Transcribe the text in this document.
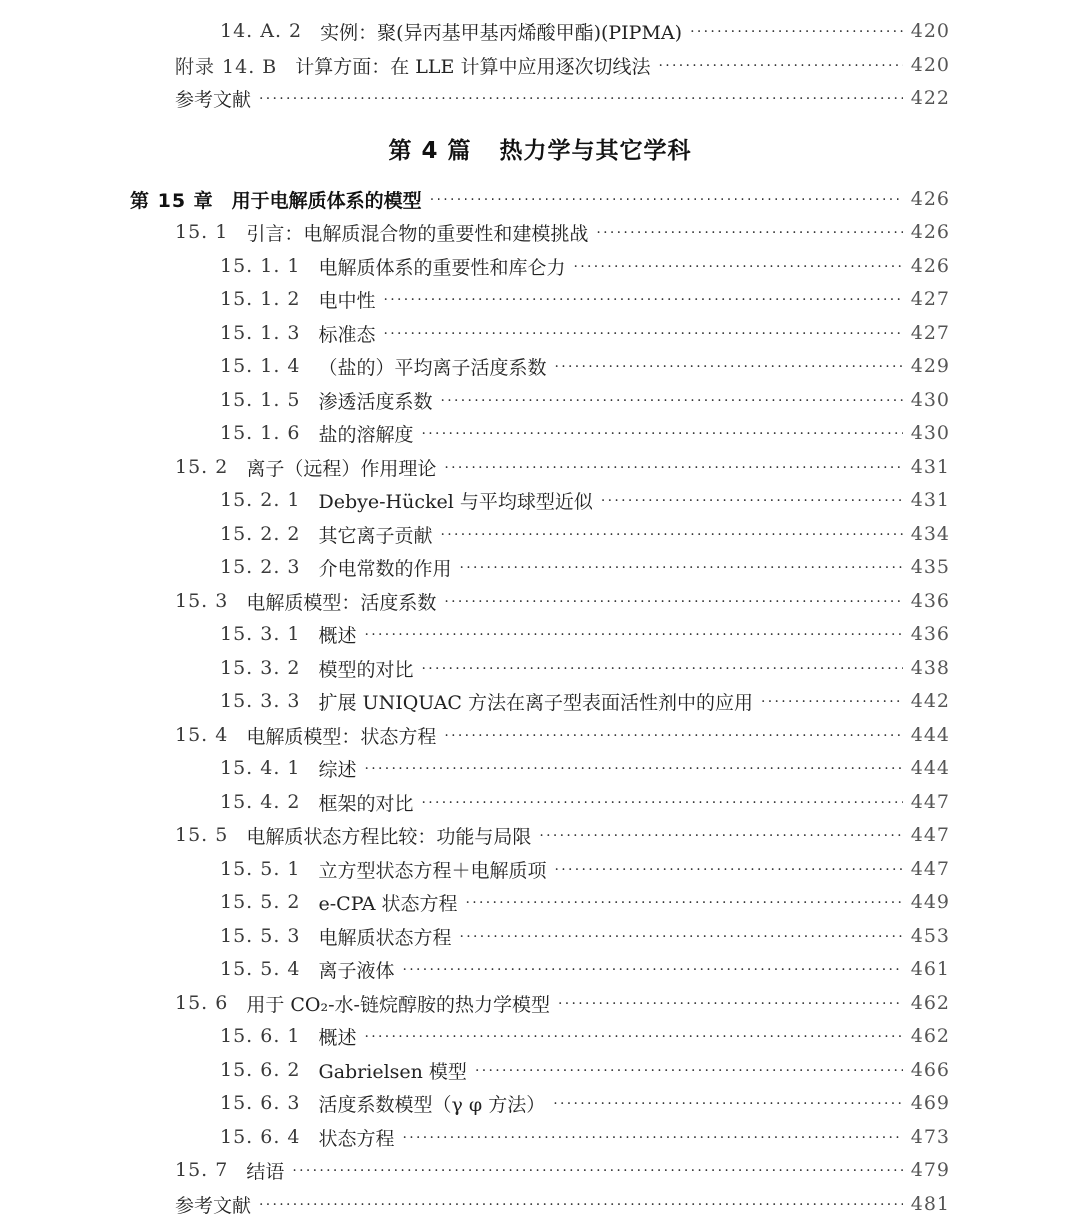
第 4 篇 热力学与其它学科
14. A. 2 实例：聚(异丙基甲基丙烯酸甲酯)(PIPMA) ·····	420
附录 14. B 计算方面：在 LLE 计算中应用逐次切线法 ·····	420
参考文献 ·····	422
第 15 章 用于电解质体系的模型 ·····	426
15. 1 引言：电解质混合物的重要性和建模挑战 ·····	426
15. 1. 1 电解质体系的重要性和库仑力 ·····	426
15. 1. 2 电中性 ·····	427
15. 1. 3 标准态 ·····	427
15. 1. 4 （盐的）平均离子活度系数 ·····	429
15. 1. 5 渗透活度系数 ·····	430
15. 1. 6 盐的溶解度 ·····	430
15. 2 离子（远程）作用理论 ·····	431
15. 2. 1 Debye-Hückel 与平均球型近似 ·····	431
15. 2. 2 其它离子贡献 ·····	434
15. 2. 3 介电常数的作用 ·····	435
15. 3 电解质模型：活度系数 ·····	436
15. 3. 1 概述 ·····	436
15. 3. 2 模型的对比 ·····	438
15. 3. 3 扩展 UNIQUAC 方法在离子型表面活性剂中的应用 ·····	442
15. 4 电解质模型：状态方程 ·····	444
15. 4. 1 综述 ·····	444
15. 4. 2 框架的对比 ·····	447
15. 5 电解质状态方程比较：功能与局限 ·····	447
15. 5. 1 立方型状态方程＋电解质项 ·····	447
15. 5. 2 e-CPA 状态方程 ·····	449
15. 5. 3 电解质状态方程 ·····	453
15. 5. 4 离子液体 ·····	461
15. 6 用于 CO₂-水-链烷醇胺的热力学模型 ·····	462
15. 6. 1 概述 ·····	462
15. 6. 2 Gabrielsen 模型 ·····	466
15. 6. 3 活度系数模型（γ φ 方法） ·····	469
15. 6. 4 状态方程 ·····	473
15. 7 结语 ·····	479
参考文献 ·····	481
